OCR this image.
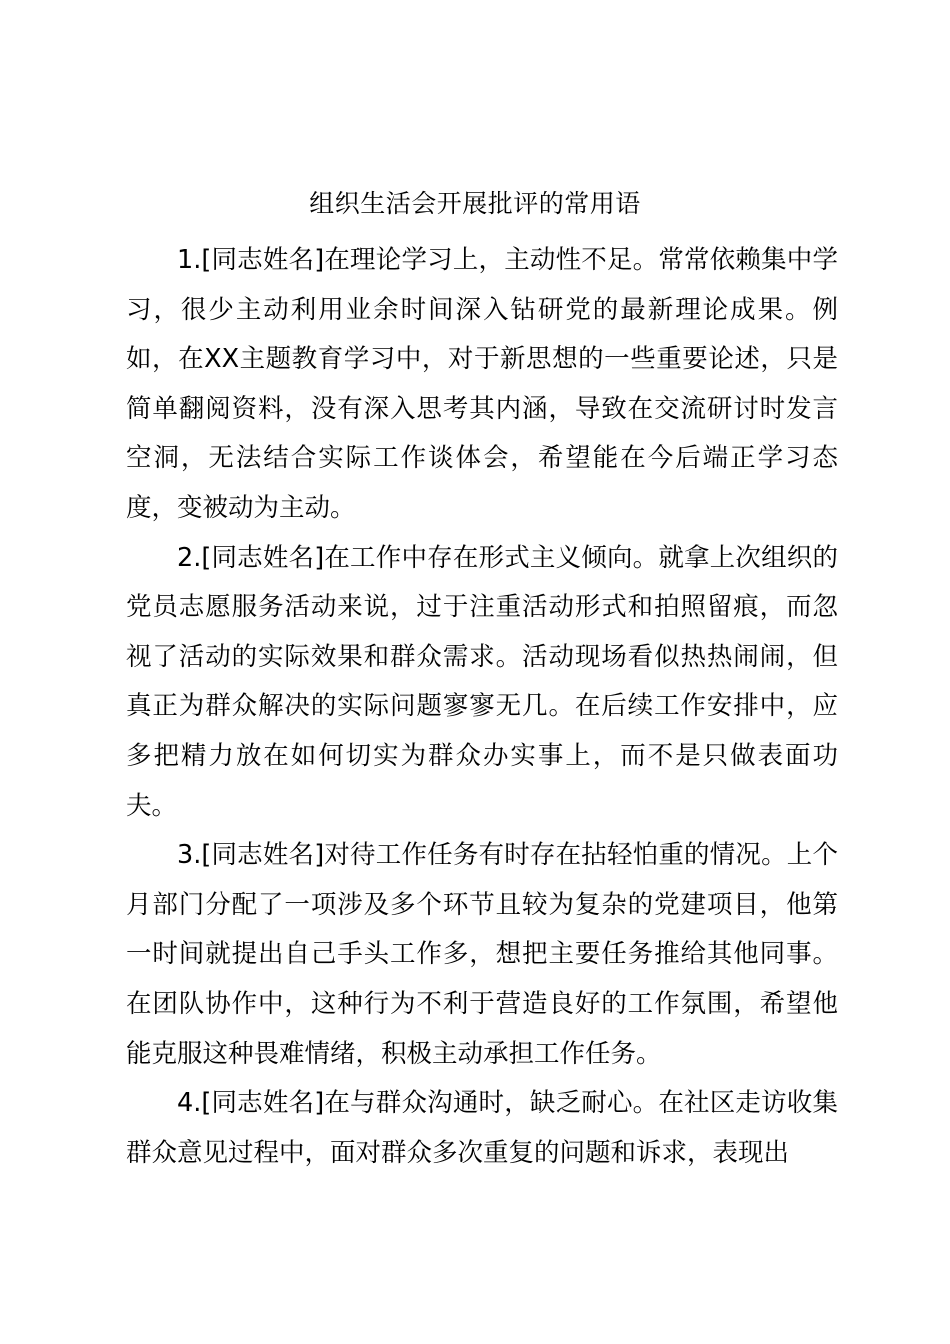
组织生活会开展批评的常用语

1.[同志姓名]在理论学习上，主动性不足。常常依赖集中学习，很少主动利用业余时间深入钻研党的最新理论成果。例如，在XX主题教育学习中，对于新思想的一些重要论述，只是简单翻阅资料，没有深入思考其内涵，导致在交流研讨时发言空洞，无法结合实际工作谈体会，希望能在今后端正学习态度，变被动为主动。

2.[同志姓名]在工作中存在形式主义倾向。就拿上次组织的党员志愿服务活动来说，过于注重活动形式和拍照留痕，而忽视了活动的实际效果和群众需求。活动现场看似热热闹闹，但真正为群众解决的实际问题寥寥无几。在后续工作安排中，应多把精力放在如何切实为群众办实事上，而不是只做表面功夫。

3.[同志姓名]对待工作任务有时存在拈轻怕重的情况。上个月部门分配了一项涉及多个环节且较为复杂的党建项目，他第一时间就提出自己手头工作多，想把主要任务推给其他同事。在团队协作中，这种行为不利于营造良好的工作氛围，希望他能克服这种畏难情绪，积极主动承担工作任务。

4.[同志姓名]在与群众沟通时，缺乏耐心。在社区走访收集群众意见过程中，面对群众多次重复的问题和诉求，表现出
